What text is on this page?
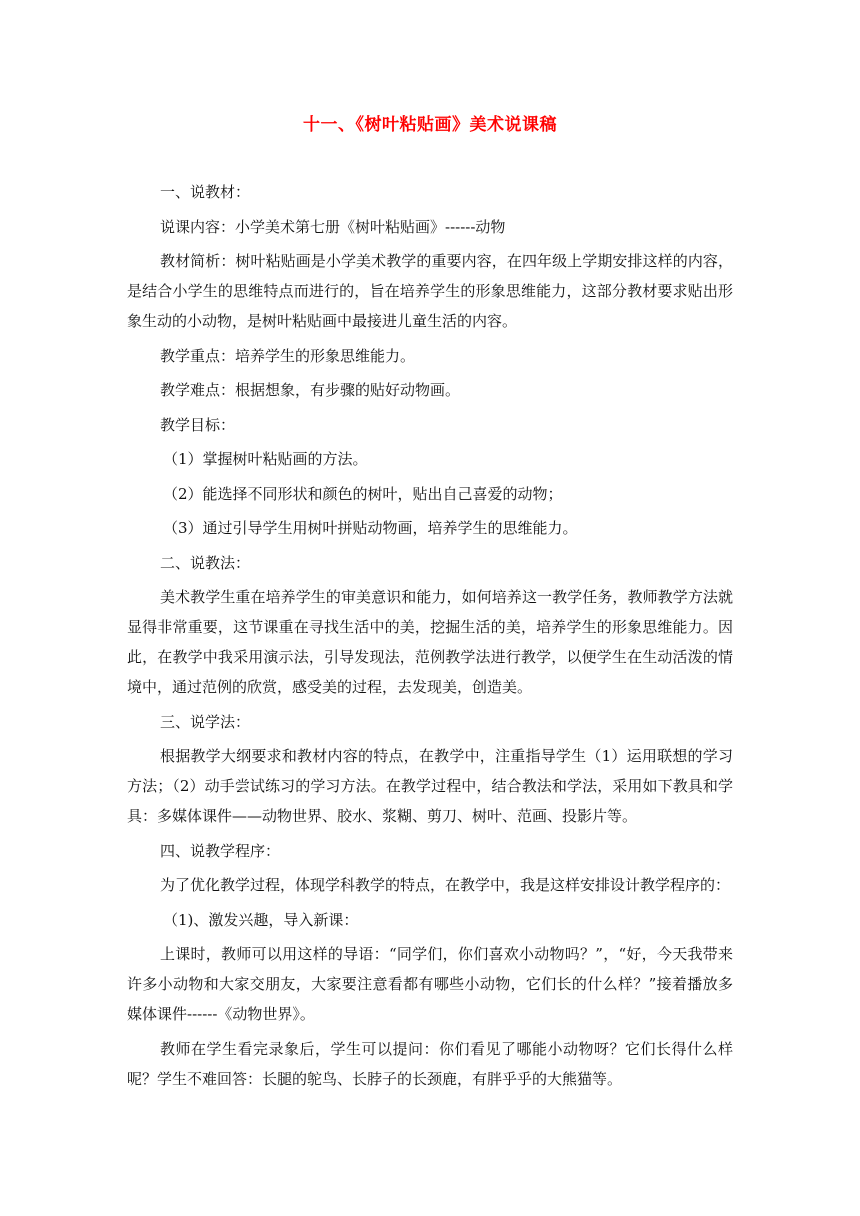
十一、《树叶粘贴画》美术说课稿

一、说教材：

说课内容：小学美术第七册《树叶粘贴画》------动物

教材简析：树叶粘贴画是小学美术教学的重要内容，在四年级上学期安排这样的内容，是结合小学生的思维特点而进行的，旨在培养学生的形象思维能力，这部分教材要求贴出形象生动的小动物，是树叶粘贴画中最接进儿童生活的内容。

教学重点：培养学生的形象思维能力。

教学难点：根据想象，有步骤的贴好动物画。

教学目标：

（1）掌握树叶粘贴画的方法。

（2）能选择不同形状和颜色的树叶，贴出自己喜爱的动物；

（3）通过引导学生用树叶拼贴动物画，培养学生的思维能力。

二、说教法：

美术教学生重在培养学生的审美意识和能力，如何培养这一教学任务，教师教学方法就显得非常重要，这节课重在寻找生活中的美，挖掘生活的美，培养学生的形象思维能力。因此，在教学中我采用演示法，引导发现法，范例教学法进行教学，以便学生在生动活泼的情境中，通过范例的欣赏，感受美的过程，去发现美，创造美。

三、说学法：

根据教学大纲要求和教材内容的特点，在教学中，注重指导学生（1）运用联想的学习方法；（2）动手尝试练习的学习方法。在教学过程中，结合教法和学法，采用如下教具和学具：多媒体课件——动物世界、胶水、浆糊、剪刀、树叶、范画、投影片等。

四、说教学程序：

为了优化教学过程，体现学科教学的特点，在教学中，我是这样安排设计教学程序的：

（1)、激发兴趣，导入新课：

上课时，教师可以用这样的导语：“同学们，你们喜欢小动物吗？”，“好，今天我带来许多小动物和大家交朋友，大家要注意看都有哪些小动物，它们长的什么样？”接着播放多媒体课件------《动物世界》。

教师在学生看完录象后，学生可以提问：你们看见了哪能小动物呀？它们长得什么样呢？学生不难回答：长腿的鸵鸟、长脖子的长颈鹿，有胖乎乎的大熊猫等。
